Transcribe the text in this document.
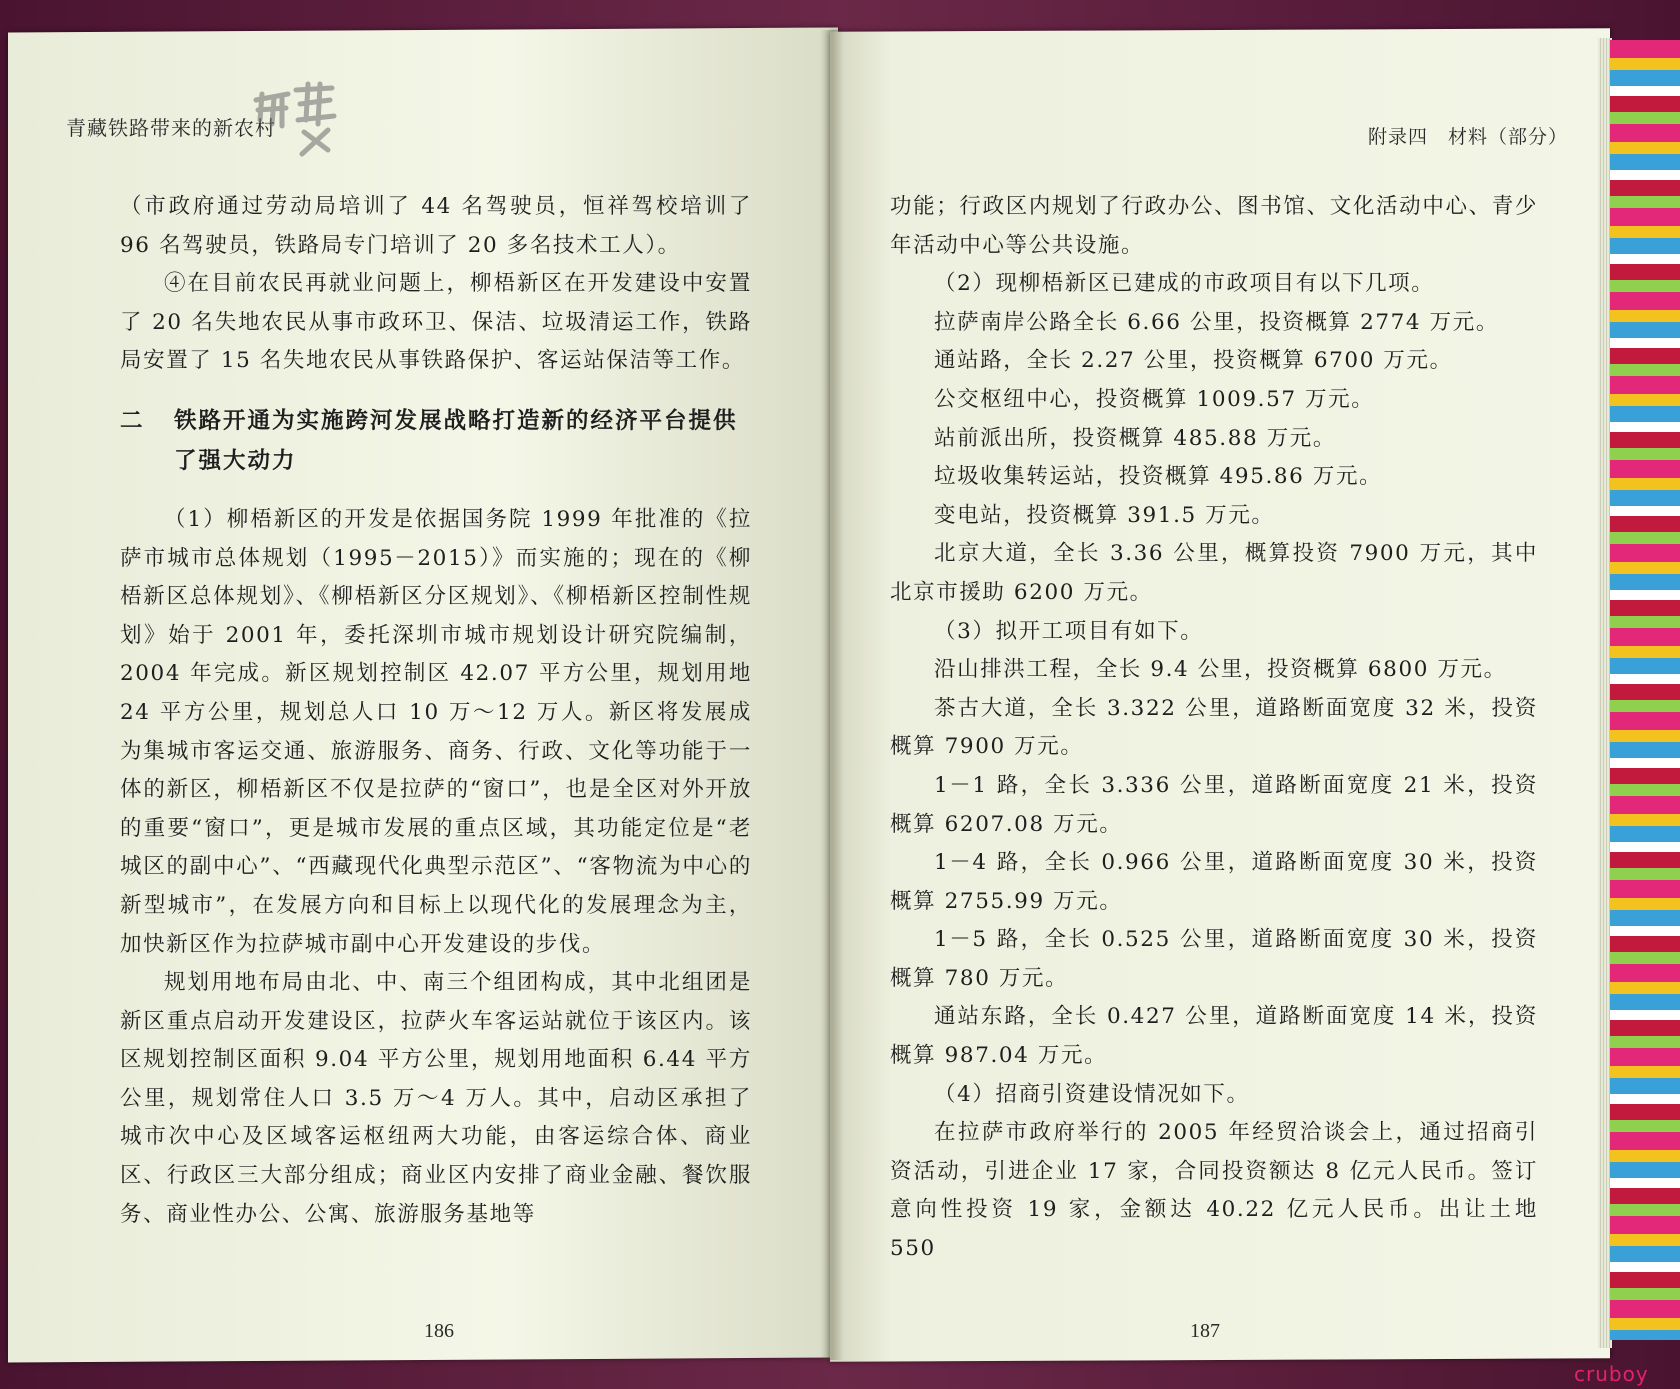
青藏铁路带来的新农村	附录四　材料（部分）

（市政府通过劳动局培训了 44 名驾驶员，恒祥驾校培训了 96 名驾驶员，铁路局专门培训了 20 多名技术工人）。

④在目前农民再就业问题上，柳梧新区在开发建设中安置了 20 名失地农民从事市政环卫、保洁、垃圾清运工作，铁路局安置了 15 名失地农民从事铁路保护、客运站保洁等工作。

二	铁路开通为实施跨河发展战略打造新的经济平台提供了强大动力

（1）柳梧新区的开发是依据国务院 1999 年批准的《拉萨市城市总体规划（1995－2015）》而实施的；现在的《柳梧新区总体规划》、《柳梧新区分区规划》、《柳梧新区控制性规划》始于 2001 年，委托深圳市城市规划设计研究院编制，2004 年完成。新区规划控制区 42.07 平方公里，规划用地 24 平方公里，规划总人口 10 万～12 万人。新区将发展成为集城市客运交通、旅游服务、商务、行政、文化等功能于一体的新区，柳梧新区不仅是拉萨的“窗口”，也是全区对外开放的重要“窗口”，更是城市发展的重点区域，其功能定位是“老城区的副中心”、“西藏现代化典型示范区”、“客物流为中心的新型城市”，在发展方向和目标上以现代化的发展理念为主，加快新区作为拉萨城市副中心开发建设的步伐。

规划用地布局由北、中、南三个组团构成，其中北组团是新区重点启动开发建设区，拉萨火车客运站就位于该区内。该区规划控制区面积 9.04 平方公里，规划用地面积 6.44 平方公里，规划常住人口 3.5 万～4 万人。其中，启动区承担了城市次中心及区域客运枢纽两大功能，由客运综合体、商业区、行政区三大部分组成；商业区内安排了商业金融、餐饮服务、商业性办公、公寓、旅游服务基地等

功能；行政区内规划了行政办公、图书馆、文化活动中心、青少年活动中心等公共设施。

（2）现柳梧新区已建成的市政项目有以下几项。

拉萨南岸公路全长 6.66 公里，投资概算 2774 万元。

通站路，全长 2.27 公里，投资概算 6700 万元。

公交枢纽中心，投资概算 1009.57 万元。

站前派出所，投资概算 485.88 万元。

垃圾收集转运站，投资概算 495.86 万元。

变电站，投资概算 391.5 万元。

北京大道，全长 3.36 公里，概算投资 7900 万元，其中北京市援助 6200 万元。

（3）拟开工项目有如下。

沿山排洪工程，全长 9.4 公里，投资概算 6800 万元。

茶古大道，全长 3.322 公里，道路断面宽度 32 米，投资概算 7900 万元。

1－1 路，全长 3.336 公里，道路断面宽度 21 米，投资概算 6207.08 万元。

1－4 路，全长 0.966 公里，道路断面宽度 30 米，投资概算 2755.99 万元。

1－5 路，全长 0.525 公里，道路断面宽度 30 米，投资概算 780 万元。

通站东路，全长 0.427 公里，道路断面宽度 14 米，投资概算 987.04 万元。

（4）招商引资建设情况如下。

在拉萨市政府举行的 2005 年经贸洽谈会上，通过招商引资活动，引进企业 17 家，合同投资额达 8 亿元人民币。签订意向性投资 19 家，金额达 40.22 亿元人民币。出让土地 550

186	187
cruboy
